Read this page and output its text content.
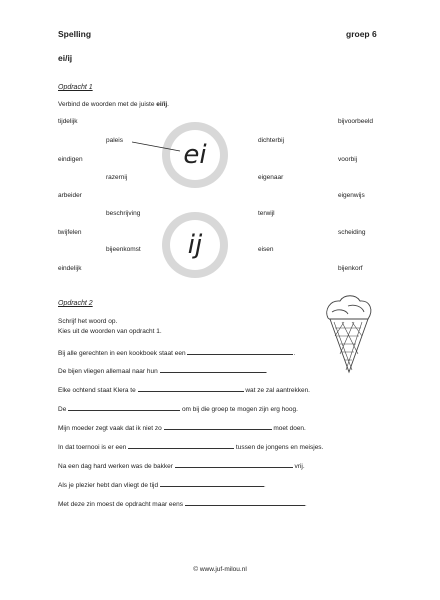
Spelling	groep 6
ei/ij
Opdracht 1
Verbind de woorden met de juiste ei/ij.
ei
ij
tijdelijk
eindigen
arbeider
twijfelen
eindelijk
paleis
razernij
beschrijving
bijeenkomst
dichterbij
eigenaar
terwijl
eisen
bijvoorbeeld
voorbij
eigenwijs
scheiding
bijenkorf
Opdracht 2
Schrijf het woord op.
Kies uit de woorden van opdracht 1.
Bij alle gerechten in een kookboek staat een	.
De bijen vliegen allemaal naar hun	.
Elke ochtend staat Klera te	wat ze zal aantrekken.
De	om bij die groep te mogen zijn erg hoog.
Mijn moeder zegt vaak dat ik niet zo	moet doen.
In dat toernooi is er een	tussen de jongens en meisjes.
Na een dag hard werken was de bakker	vrij.
Als je plezier hebt dan vliegt de tijd	.
Met deze zin moest de opdracht maar eens	.
© www.juf-milou.nl
